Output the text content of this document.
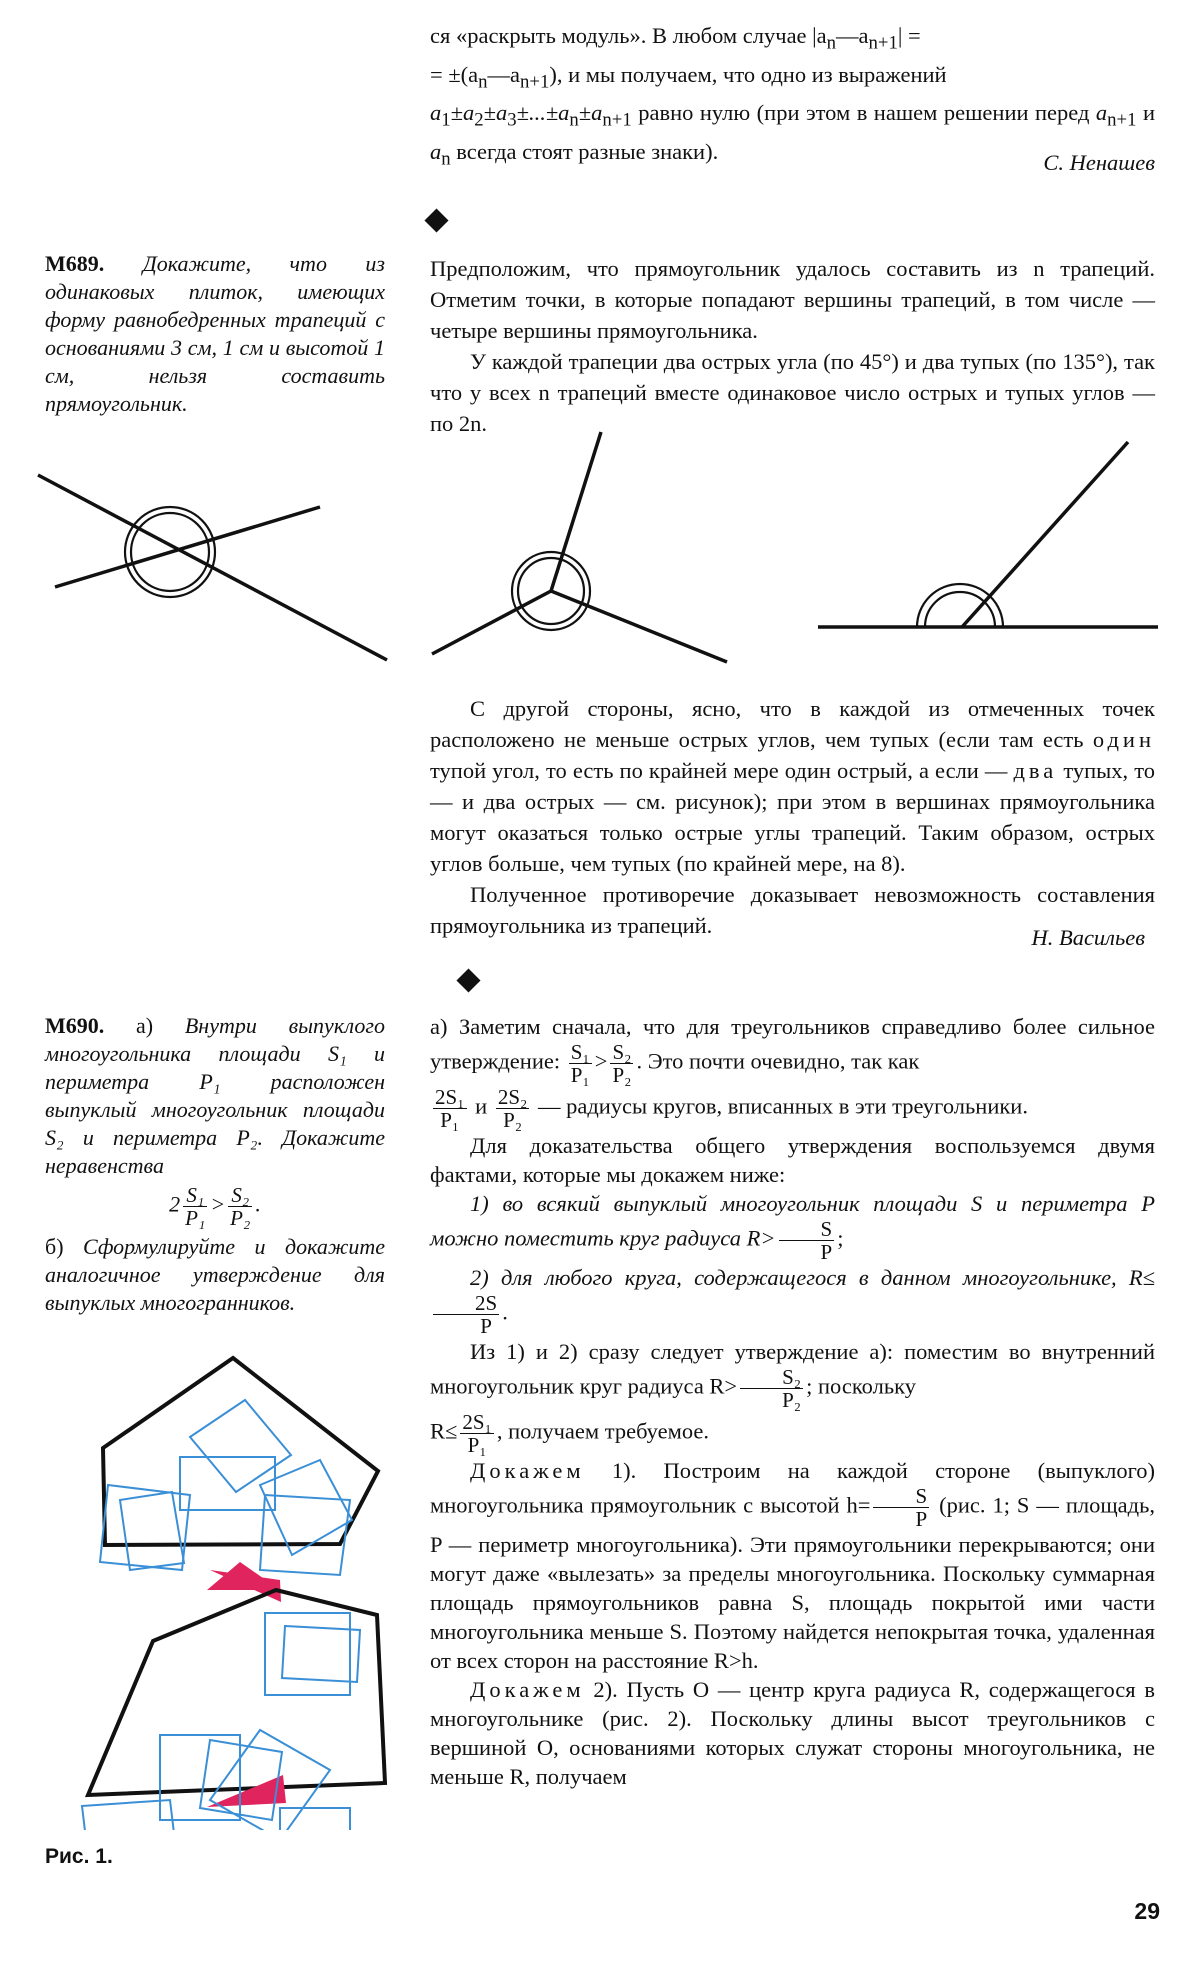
ся «раскрыть модуль». В любом случае $|a_n—a_{n+1}|$ =

= $\pm(a_n—a_{n+1})$, и мы получаем, что одно из выражений

$a_1\pm a_2\pm a_3\pm...\pm a_n\pm a_{n+1}$ равно нулю (при этом в нашем решении перед $a_{n+1}$ и $a_n$ всегда стоят разные знаки).	С. Ненашев
М689. Докажите, что из одинаковых плиток, имеющих форму равнобедренных трапеций с основаниями 3 см, 1 см и высотой 1 см, нельзя составить прямоугольник.

Предположим, что прямоугольник удалось составить из n трапеций. Отметим точки, в которые попадают вершины трапеций, в том числе — четыре вершины прямоугольника.

У каждой трапеции два острых угла (по 45°) и два тупых (по 135°), так что у всех n трапеций вместе одинаковое число острых и тупых углов — по 2n.

С другой стороны, ясно, что в каждой из отмеченных точек расположено не меньше острых углов, чем тупых (если там есть один тупой угол, то есть по крайней мере один острый, а если — два тупых, то — и два острых — см. рисунок); при этом в вершинах прямоугольника могут оказаться только острые углы трапеций. Таким образом, острых углов больше, чем тупых (по крайней мере, на 8).

Полученное противоречие доказывает невозможность составления прямоугольника из трапеций.	Н. Васильев
М690. а) Внутри выпуклого многоугольника площади S₁ и периметра P₁ расположен выпуклый многоугольник площади S₂ и периметра P₂. Докажите неравенства
$2 \frac{\text{S₁}}{\text{P₁}} > \frac{\text{S₂}}{\text{P₂}}$ .
б) Сформулируйте и докажите аналогичное утверждение для выпуклых многогранников.
Рис. 1.

а) Заметим сначала, что для треугольников справедливо более сильное утверждение: $\frac{\text{S₁}}{\text{P₁}} > \frac{\text{S₂}}{\text{P₂}}$ . Это почти очевидно, так как

$\frac{\text{2S₁}}{\text{P₁}}$ и $\frac{\text{2S₂}}{\text{P₂}}$ — радиусы кругов, вписанных в эти треугольники.

Для доказательства общего утверждения воспользуемся двумя фактами, которые мы докажем ниже:

1) во всякий выпуклый многоугольник площади S и периметра P можно поместить круг радиуса $R> \frac{S}{P}$ ;

2) для любого круга, содержащегося в данном многоугольнике, R≤
$\frac{2S}{P}$ .

Из 1) и 2) сразу следует утверждение а): поместим во внутренний многоугольник круг радиуса $R> \frac{\text{S₂}}{\text{P₂}}$ ; поскольку

$R\le \frac{\text{2S₁}}{\text{P₁}}$ , получаем требуемое.

Докажем 1). Построим на каждой стороне (выпуклого) многоугольника прямоугольник с высотой $h= \frac{S}{P} (рис$. 1; S — площадь, P — периметр многоугольника). Эти прямоугольники перекрываются; они могут даже «вылезать» за пределы многоугольника. Поскольку суммарная площадь прямоугольников равна S, площадь покрытой ими части многоугольника меньше S. Поэтому найдется непокрытая точка, удаленная от всех сторон на расстояние R>h.

Докажем 2). Пусть O — центр круга радиуса R, содержащегося в многоугольнике (рис. 2). Поскольку длины высот треугольников с вершиной O, основаниями которых служат стороны многоугольника, не меньше R, получаем

29
